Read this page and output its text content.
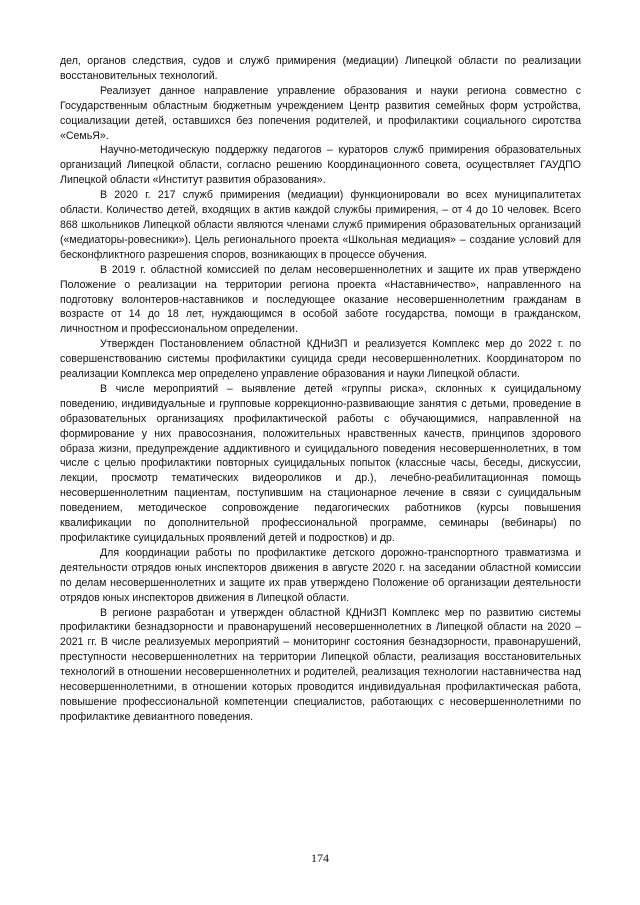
дел, органов следствия, судов и служб примирения (медиации) Липецкой области по реализации восстановительных технологий.

Реализует данное направление управление образования и науки региона совместно с Государственным областным бюджетным учреждением Центр развития семейных форм устройства, социализации детей, оставшихся без попечения родителей, и профилактики социального сиротства «СемьЯ».

Научно-методическую поддержку педагогов – кураторов служб примирения образовательных организаций Липецкой области, согласно решению Координационного совета, осуществляет ГАУДПО Липецкой области «Институт развития образования».

В 2020 г. 217 служб примирения (медиации) функционировали во всех муниципалитетах области. Количество детей, входящих в актив каждой службы примирения, – от 4 до 10 человек. Всего 868 школьников Липецкой области являются членами служб примирения образовательных организаций («медиаторы-ровесники»). Цель регионального проекта «Школьная медиация» – создание условий для бесконфликтного разрешения споров, возникающих в процессе обучения.

В 2019 г. областной комиссией по делам несовершеннолетних и защите их прав утверждено Положение о реализации на территории региона проекта «Наставничество», направленного на подготовку волонтеров-наставников и последующее оказание несовершеннолетним гражданам в возрасте от 14 до 18 лет, нуждающимся в особой заботе государства, помощи в гражданском, личностном и профессиональном определении.

Утвержден Постановлением областной КДНиЗП и реализуется Комплекс мер до 2022 г. по совершенствованию системы профилактики суицида среди несовершеннолетних. Координатором по реализации Комплекса мер определено управление образования и науки Липецкой области.

В числе мероприятий – выявление детей «группы риска», склонных к суицидальному поведению, индивидуальные и групповые коррекционно-развивающие занятия с детьми, проведение в образовательных организациях профилактической работы с обучающимися, направленной на формирование у них правосознания, положительных нравственных качеств, принципов здорового образа жизни, предупреждение аддиктивного и суицидального поведения несовершеннолетних, в том числе с целью профилактики повторных суицидальных попыток (классные часы, беседы, дискуссии, лекции, просмотр тематических видеороликов и др.), лечебно-реабилитационная помощь несовершеннолетним пациентам, поступившим на стационарное лечение в связи с суицидальным поведением, методическое сопровождение педагогических работников (курсы повышения квалификации по дополнительной профессиональной программе, семинары (вебинары) по профилактике суицидальных проявлений детей и подростков) и др.

Для координации работы по профилактике детского дорожно-транспортного травматизма и деятельности отрядов юных инспекторов движения в августе 2020 г. на заседании областной комиссии по делам несовершеннолетних и защите их прав утверждено Положение об организации деятельности отрядов юных инспекторов движения в Липецкой области.

В регионе разработан и утвержден областной КДНиЗП Комплекс мер по развитию системы профилактики безнадзорности и правонарушений несовершеннолетних в Липецкой области на 2020 – 2021 гг. В числе реализуемых мероприятий – мониторинг состояния безнадзорности, правонарушений, преступности несовершеннолетних на территории Липецкой области, реализация восстановительных технологий в отношении несовершеннолетних и родителей, реализация технологии наставничества над несовершеннолетними, в отношении которых проводится индивидуальная профилактическая работа, повышение профессиональной компетенции специалистов, работающих с несовершеннолетними по профилактике девиантного поведения.

174
